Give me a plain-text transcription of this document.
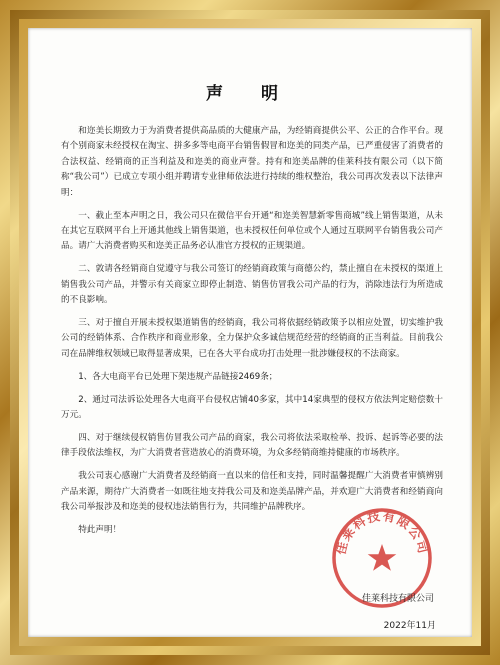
声 明

和迩美长期致力于为消费者提供高品质的大健康产品，为经销商提供公平、公正的合作平台。现有个别商家未经授权在淘宝、拼多多等电商平台销售假冒和迩美的同类产品，已严重侵害了消费者的合法权益、经销商的正当利益及和迩美的商业声誉。持有和迩美品牌的佳莱科技有限公司（以下简称“我公司”）已成立专项小组并聘请专业律师依法进行持续的维权整治，我公司再次发表以下法律声明：

一、截止至本声明之日，我公司只在微信平台开通“和迩美智慧新零售商城”线上销售渠道，从未在其它互联网平台上开通其他线上销售渠道，也未授权任何单位或个人通过互联网平台销售我公司产品。请广大消费者购买和迩美正品务必认准官方授权的正规渠道。

二、敦请各经销商自觉遵守与我公司签订的经销商政策与商德公约，禁止擅自在未授权的渠道上销售我公司产品，并警示有关商家立即停止制造、销售仿冒我公司产品的行为，消除违法行为所造成的不良影响。

三、对于擅自开展未授权渠道销售的经销商，我公司将依据经销政策予以相应处置，切实维护我公司的经销体系、合作秩序和商业形象，全力保护众多诚信规范经营的经销商的正当利益。目前我公司在品牌维权领域已取得显著成果，已在各大平台成功打击处理一批涉嫌侵权的不法商家。

1、各大电商平台已处理下架违规产品链接2469条；

2、通过司法诉讼处理各大电商平台侵权店铺40多家，其中14家典型的侵权方依法判定赔偿数十万元。

四、对于继续侵权销售仿冒我公司产品的商家，我公司将依法采取检举、投诉、起诉等必要的法律手段依法维权，为广大消费者营造放心的消费环境，为众多经销商维持健康的市场秩序。

我公司衷心感谢广大消费者及经销商一直以来的信任和支持，同时温馨提醒广大消费者审慎辨别产品来源，期待广大消费者一如既往地支持我公司及和迩美品牌产品，并欢迎广大消费者和经销商向我公司举报涉及和迩美的侵权违法销售行为，共同维护品牌秩序。

特此声明！

佳莱科技有限公司
佳莱科技有限公司
2022年11月
